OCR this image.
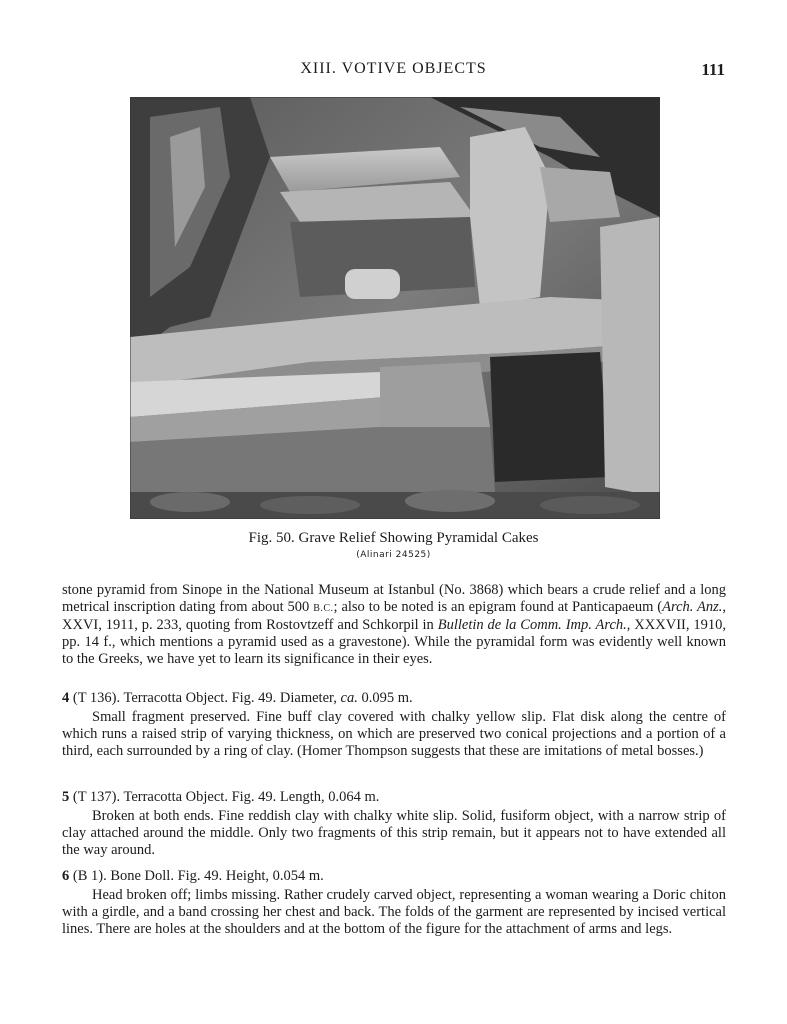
XIII. VOTIVE OBJECTS	111
Fig. 50. Grave Relief Showing Pyramidal Cakes
(Alinari 24525)

stone pyramid from Sinope in the National Museum at Istanbul (No. 3868) which bears a crude relief and a long metrical inscription dating from about 500 B.C.; also to be noted is an epigram found at Panticapaeum (Arch. Anz., XXVI, 1911, p. 233, quoting from Rostovtzeff and Schkorpil in Bulletin de la Comm. Imp. Arch., XXXVII, 1910, pp. 14 f., which mentions a pyramid used as a gravestone). While the pyramidal form was evidently well known to the Greeks, we have yet to learn its significance in their eyes.

4 (T 136). Terracotta Object. Fig. 49. Diameter, ca. 0.095 m.

Small fragment preserved. Fine buff clay covered with chalky yellow slip. Flat disk along the centre of which runs a raised strip of varying thickness, on which are preserved two conical projections and a portion of a third, each surrounded by a ring of clay. (Homer Thompson suggests that these are imitations of metal bosses.)

5 (T 137). Terracotta Object. Fig. 49. Length, 0.064 m.

Broken at both ends. Fine reddish clay with chalky white slip. Solid, fusiform object, with a narrow strip of clay attached around the middle. Only two fragments of this strip remain, but it appears not to have extended all the way around.

6 (B 1). Bone Doll. Fig. 49. Height, 0.054 m.

Head broken off; limbs missing. Rather crudely carved object, representing a woman wearing a Doric chiton with a girdle, and a band crossing her chest and back. The folds of the garment are represented by incised vertical lines. There are holes at the shoulders and at the bottom of the figure for the attachment of arms and legs.
